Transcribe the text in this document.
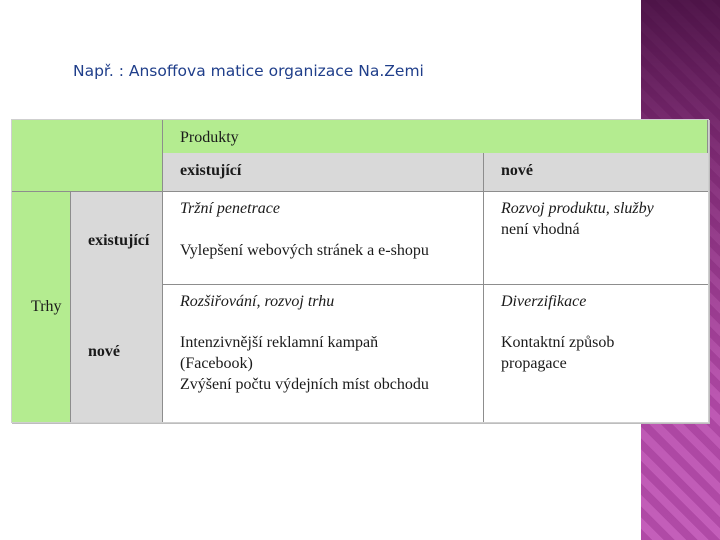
Např. : Ansoffova matice organizace Na.Zemi
Produkty
existující	nové
Trhy
existující
nové
Tržní penetrace
Vylepšení webových stránek a e-shopu
Rozvoj produktu, služby
není vhodná
Rozšiřování, rozvoj trhu
Intenzivnější reklamní kampaň
(Facebook)
Zvýšení počtu výdejních míst obchodu
Diverzifikace
Kontaktní způsob
propagace
